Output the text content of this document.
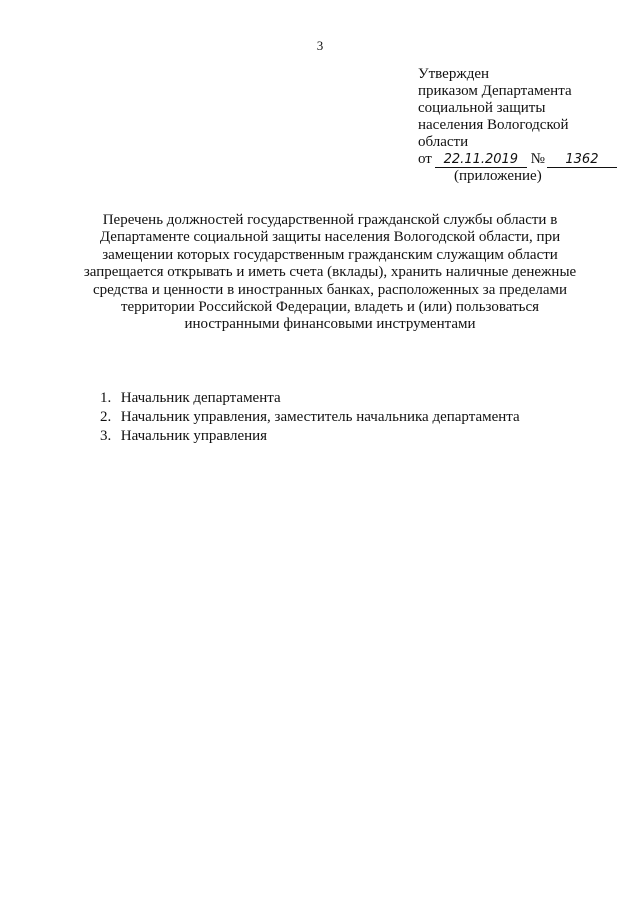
3
Утвержден
приказом Департамента
социальной защиты
населения Вологодской
области
от 22.11.2019 № 1362
(приложение)
Перечень должностей государственной гражданской службы области в
Департаменте социальной защиты населения Вологодской области, при
замещении которых государственным гражданским служащим области
запрещается открывать и иметь счета (вклады), хранить наличные денежные
средства и ценности в иностранных банках, расположенных за пределами
территории Российской Федерации, владеть и (или) пользоваться
иностранными финансовыми инструментами
1. Начальник департамента
2. Начальник управления, заместитель начальника департамента
3. Начальник управления
